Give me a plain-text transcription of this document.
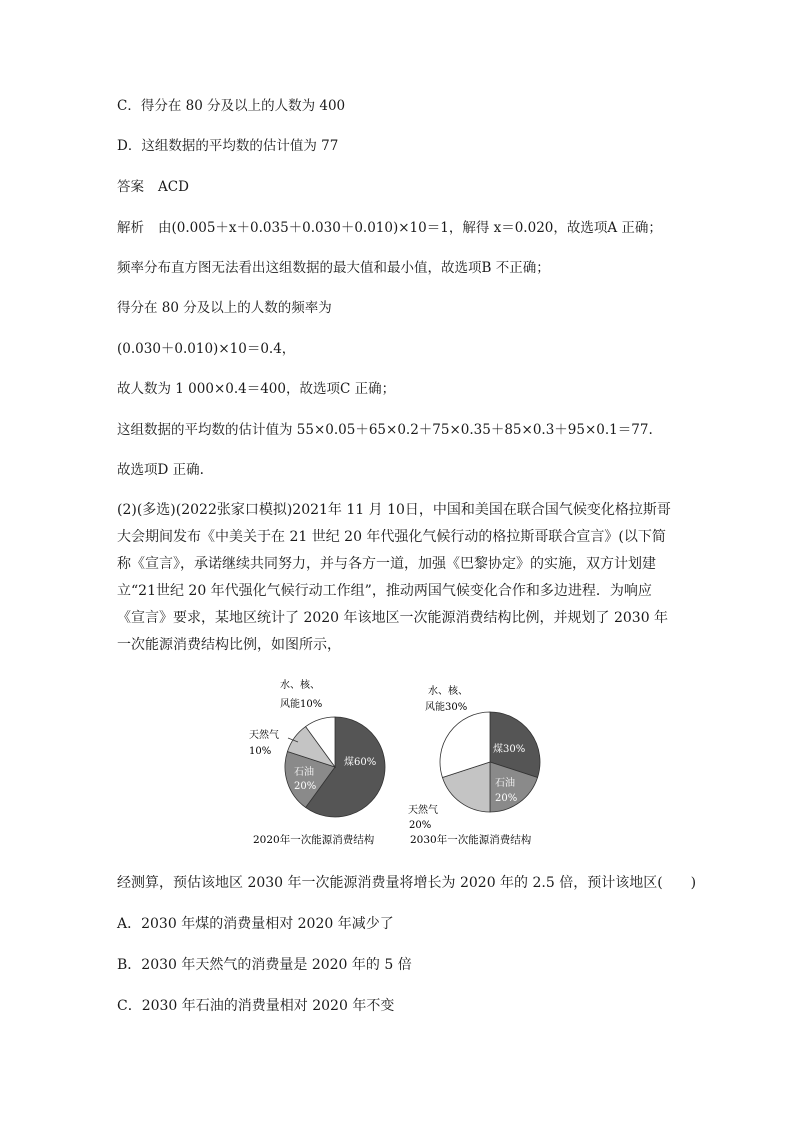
C．得分在 80 分及以上的人数为 400
D．这组数据的平均数的估计值为 77
答案 ACD
解析 由(0.005＋x＋0.035＋0.030＋0.010)×10＝1，解得 x＝0.020，故选项A 正确；
频率分布直方图无法看出这组数据的最大值和最小值，故选项B 不正确；
得分在 80 分及以上的人数的频率为
(0.030＋0.010)×10＝0.4，
故人数为 1 000×0.4＝400，故选项C 正确；
这组数据的平均数的估计值为 55×0.05＋65×0.2＋75×0.35＋85×0.3＋95×0.1＝77.
故选项D 正确.
(2)(多选)(2022张家口模拟)2021年 11 月 10日，中国和美国在联合国气候变化格拉斯哥大会期间发布《中美关于在 21 世纪 20 年代强化气候行动的格拉斯哥联合宣言》(以下简称《宣言》，承诺继续共同努力，并与各方一道，加强《巴黎协定》的实施，双方计划建立“21世纪 20 年代强化气候行动工作组”，推动两国气候变化合作和多边进程．为响应《宣言》要求，某地区统计了 2020 年该地区一次能源消费结构比例，并规划了 2030 年一次能源消费结构比例，如图所示，
水、核、
风能10%
天然气
10%
石油
20%
煤60%
水、核、
风能30%
煤30%
石油
20%
天然气
20%
2020年一次能源消费结构	2030年一次能源消费结构
经测算，预估该地区 2030 年一次能源消费量将增长为 2020 年的 2.5 倍，预计该地区(　　)
A．2030 年煤的消费量相对 2020 年减少了
B．2030 年天然气的消费量是 2020 年的 5 倍
C．2030 年石油的消费量相对 2020 年不变
